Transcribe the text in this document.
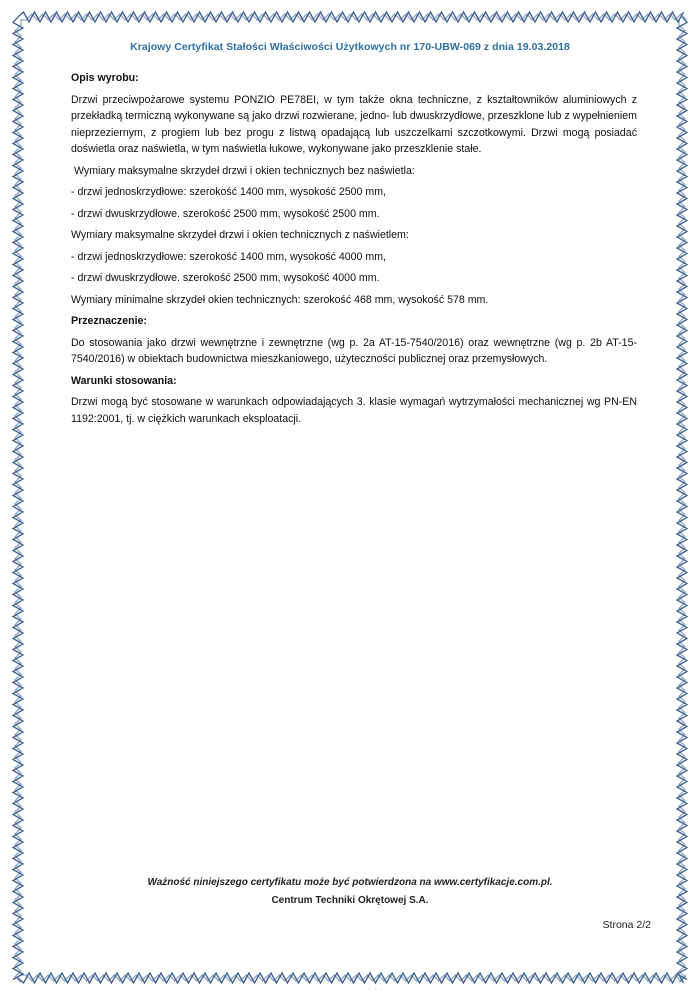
Krajowy Certyfikat Stałości Właściwości Użytkowych nr 170-UBW-069 z dnia 19.03.2018

Opis wyrobu:

Drzwi przeciwpożarowe systemu PONZIO PE78EI, w tym także okna techniczne, z kształtowników aluminiowych z przekładką termiczną wykonywane są jako drzwi rozwierane, jedno- lub dwuskrzydłowe, przeszklone lub z wypełnieniem nieprzeziernym, z progiem lub bez progu z listwą opadającą lub uszczelkami szczotkowymi. Drzwi mogą posiadać doświetla oraz naświetla, w tym naświetla łukowe, wykonywane jako przeszklenie stałe.

Wymiary maksymalne skrzydeł drzwi i okien technicznych bez naświetla:

- drzwi jednoskrzydłowe: szerokość 1400 mm, wysokość 2500 mm,

- drzwi dwuskrzydłowe. szerokość 2500 mm, wysokość 2500 mm.

Wymiary maksymalne skrzydeł drzwi i okien technicznych z naświetlem:

- drzwi jednoskrzydłowe: szerokość 1400 mm, wysokość 4000 mm,

- drzwi dwuskrzydłowe. szerokość 2500 mm, wysokość 4000 mm.

Wymiary minimalne skrzydeł okien technicznych: szerokość 468 mm, wysokość 578 mm.

Przeznaczenie:

Do stosowania jako drzwi wewnętrzne i zewnętrzne (wg p. 2a AT-15-7540/2016) oraz wewnętrzne (wg p. 2b AT-15-7540/2016) w obiektach budownictwa mieszkaniowego, użyteczności publicznej oraz przemysłowych.

Warunki stosowania:

Drzwi mogą być stosowane w warunkach odpowiadających 3. klasie wymagań wytrzymałości mechanicznej wg PN-EN 1192:2001, tj. w ciężkich warunkach eksploatacji.

Ważność niniejszego certyfikatu może być potwierdzona na www.certyfikacje.com.pl.
Centrum Techniki Okrętowej S.A.
Strona 2/2
· · ·
